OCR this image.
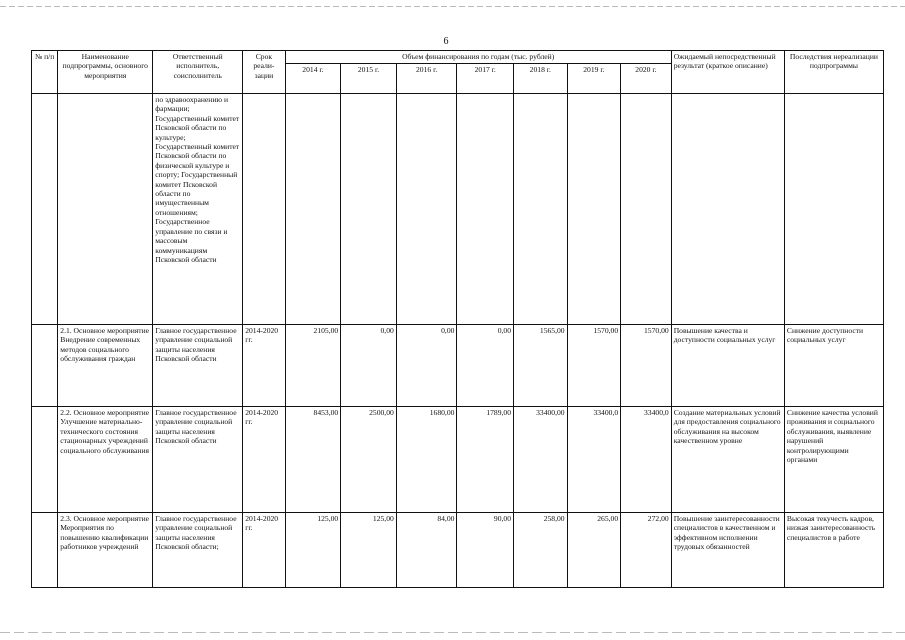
6
№ п/п	Наименование подпрограммы, основного мероприятия	Ответственный исполнитель, соисполнитель	Срок реали- зации	Объем финансирования по годам (тыс. рублей)							Ожидаемый непосредственный результат (краткое описание)	Последствия нереализации подпрограммы
				2014 г.	2015 г.	2016 г.	2017 г.	2018 г.	2019 г.	2020 г.		
		по здравоохранению и фармации; Государственный комитет Псковской области по культуре; Государственный комитет Псковской области по физической культуре и спорту; Государственный комитет Псковской области по имущественным отношениям; Государственное управление по связи и массовым коммуникациям Псковской области										
	2.1. Основное мероприятие Внедрение современных методов социального обслуживания граждан	Главное государственное управление социальной защиты населения Псковской области	2014-2020 гг.	2105,00	0,00	0,00	0,00	1565,00	1570,00	1570,00	Повышение качества и доступности социальных услуг	Снижение доступности социальных услуг
	2.2. Основное мероприятие Улучшение материально-технического состояния стационарных учреждений социального обслуживания	Главное государственное управление социальной защиты населения Псковской области	2014-2020 гг.	8453,00	2500,00	1680,00	1789,00	33400,00	33400,0	33400,0	Создание материальных условий для предоставления социального обслуживания на высоком качественном уровне	Снижение качества условий проживания и социального обслуживания, выявление нарушений контролирующими органами
	2.3. Основное мероприятие Мероприятия по повышению квалификации работников учреждений	Главное государственное управление социальной защиты населения Псковской области;	2014-2020 гг.	125,00	125,00	84,00	90,00	258,00	265,00	272,00	Повышение заинтересованности специалистов в качественном и эффективном исполнении трудовых обязанностей	Высокая текучесть кадров, низкая заинтересованность специалистов в работе
